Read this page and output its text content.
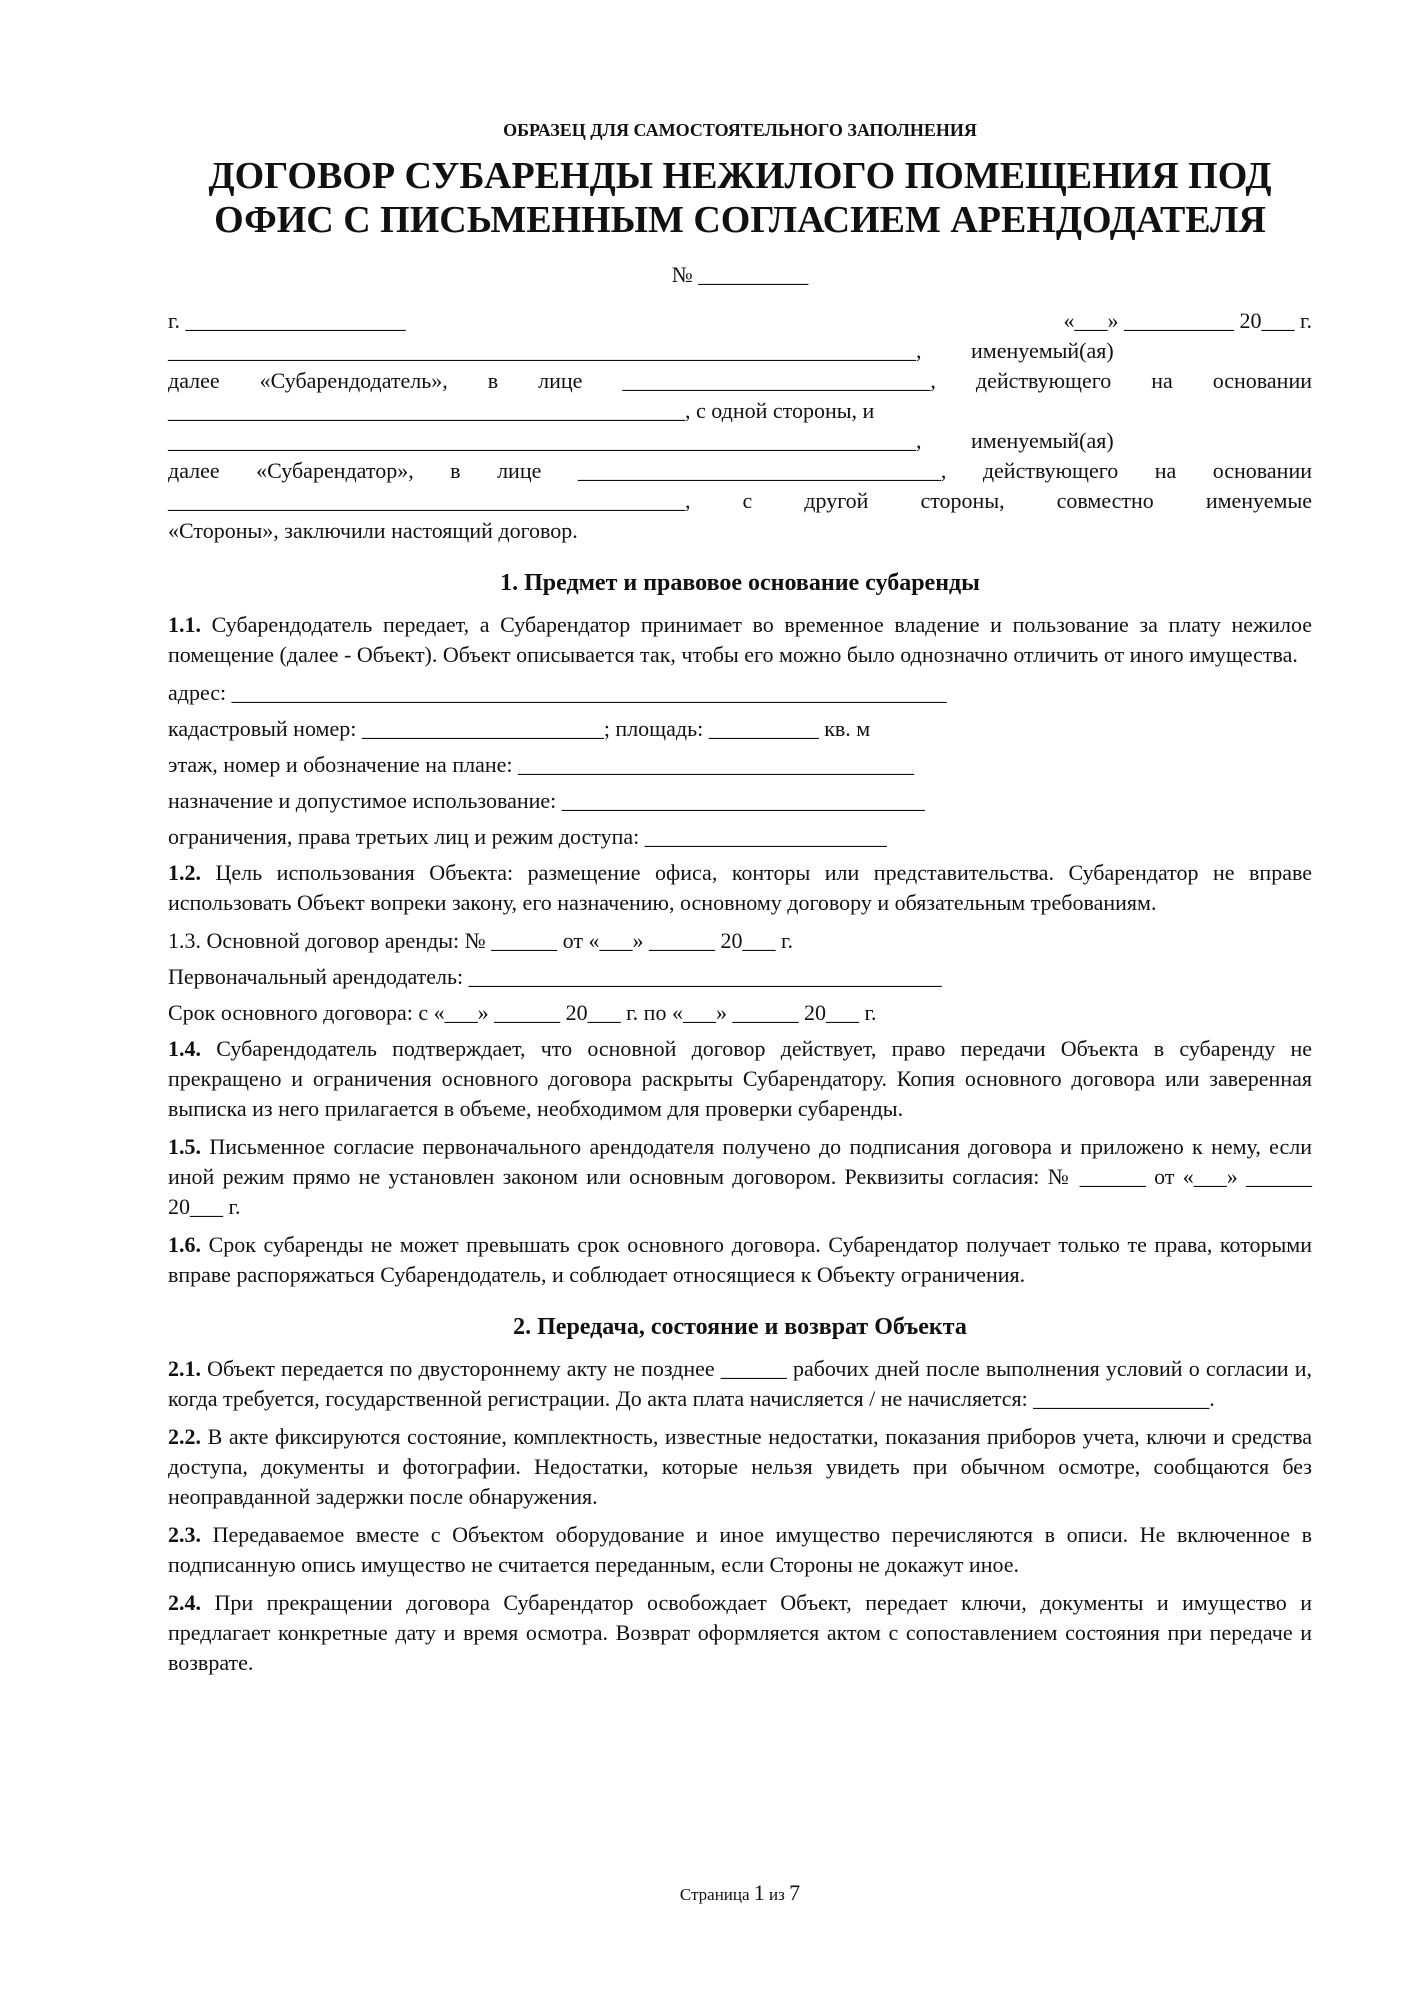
ОБРАЗЕЦ ДЛЯ САМОСТОЯТЕЛЬНОГО ЗАПОЛНЕНИЯ
ДОГОВОР СУБАРЕНДЫ НЕЖИЛОГО ПОМЕЩЕНИЯ ПОД
ОФИС С ПИСЬМЕННЫМ СОГЛАСИЕМ АРЕНДОДАТЕЛЯ
№ __________
г. ____________________	«___» __________ 20___ г.
____________________________________________________________________,         именуемый(ая)
далее «Субарендодатель», в лице ____________________________, действующего на основании
_______________________________________________, с одной стороны, и
____________________________________________________________________,         именуемый(ая)
далее «Субарендатор», в лице _________________________________, действующего на основании
_______________________________________________, с другой стороны, совместно именуемые
«Стороны», заключили настоящий договор.
1. Предмет и правовое основание субаренды

1.1. Субарендодатель передает, а Субарендатор принимает во временное владение и пользование за плату нежилое помещение (далее - Объект). Объект описывается так, чтобы его можно было однозначно отличить от иного имущества.

адрес: _________________________________________________________________
кадастровый номер: ______________________; площадь: __________ кв. м
этаж, номер и обозначение на плане: ____________________________________
назначение и допустимое использование: _________________________________
ограничения, права третьих лиц и режим доступа: ______________________

1.2. Цель использования Объекта: размещение офиса, конторы или представительства. Субарендатор не вправе использовать Объект вопреки закону, его назначению, основному договору и обязательным требованиям.

1.3. Основной договор аренды: № ______ от «___» ______ 20___ г.
Первоначальный арендодатель: ___________________________________________
Срок основного договора: с «___» ______ 20___ г. по «___» ______ 20___ г.

1.4. Субарендодатель подтверждает, что основной договор действует, право передачи Объекта в субаренду не прекращено и ограничения основного договора раскрыты Субарендатору. Копия основного договора или заверенная выписка из него прилагается в объеме, необходимом для проверки субаренды.

1.5. Письменное согласие первоначального арендодателя получено до подписания договора и приложено к нему, если иной режим прямо не установлен законом или основным договором. Реквизиты согласия: № ______ от «___» ______ 20___ г.

1.6. Срок субаренды не может превышать срок основного договора. Субарендатор получает только те права, которыми вправе распоряжаться Субарендодатель, и соблюдает относящиеся к Объекту ограничения.

2. Передача, состояние и возврат Объекта

2.1. Объект передается по двустороннему акту не позднее ______ рабочих дней после выполнения условий о согласии и, когда требуется, государственной регистрации. До акта плата начисляется / не начисляется: ________________.

2.2. В акте фиксируются состояние, комплектность, известные недостатки, показания приборов учета, ключи и средства доступа, документы и фотографии. Недостатки, которые нельзя увидеть при обычном осмотре, сообщаются без неоправданной задержки после обнаружения.

2.3. Передаваемое вместе с Объектом оборудование и иное имущество перечисляются в описи. Не включенное в подписанную опись имущество не считается переданным, если Стороны не докажут иное.

2.4. При прекращении договора Субарендатор освобождает Объект, передает ключи, документы и имущество и предлагает конкретные дату и время осмотра. Возврат оформляется актом с сопоставлением состояния при передаче и возврате.

Страница 1 из 7
